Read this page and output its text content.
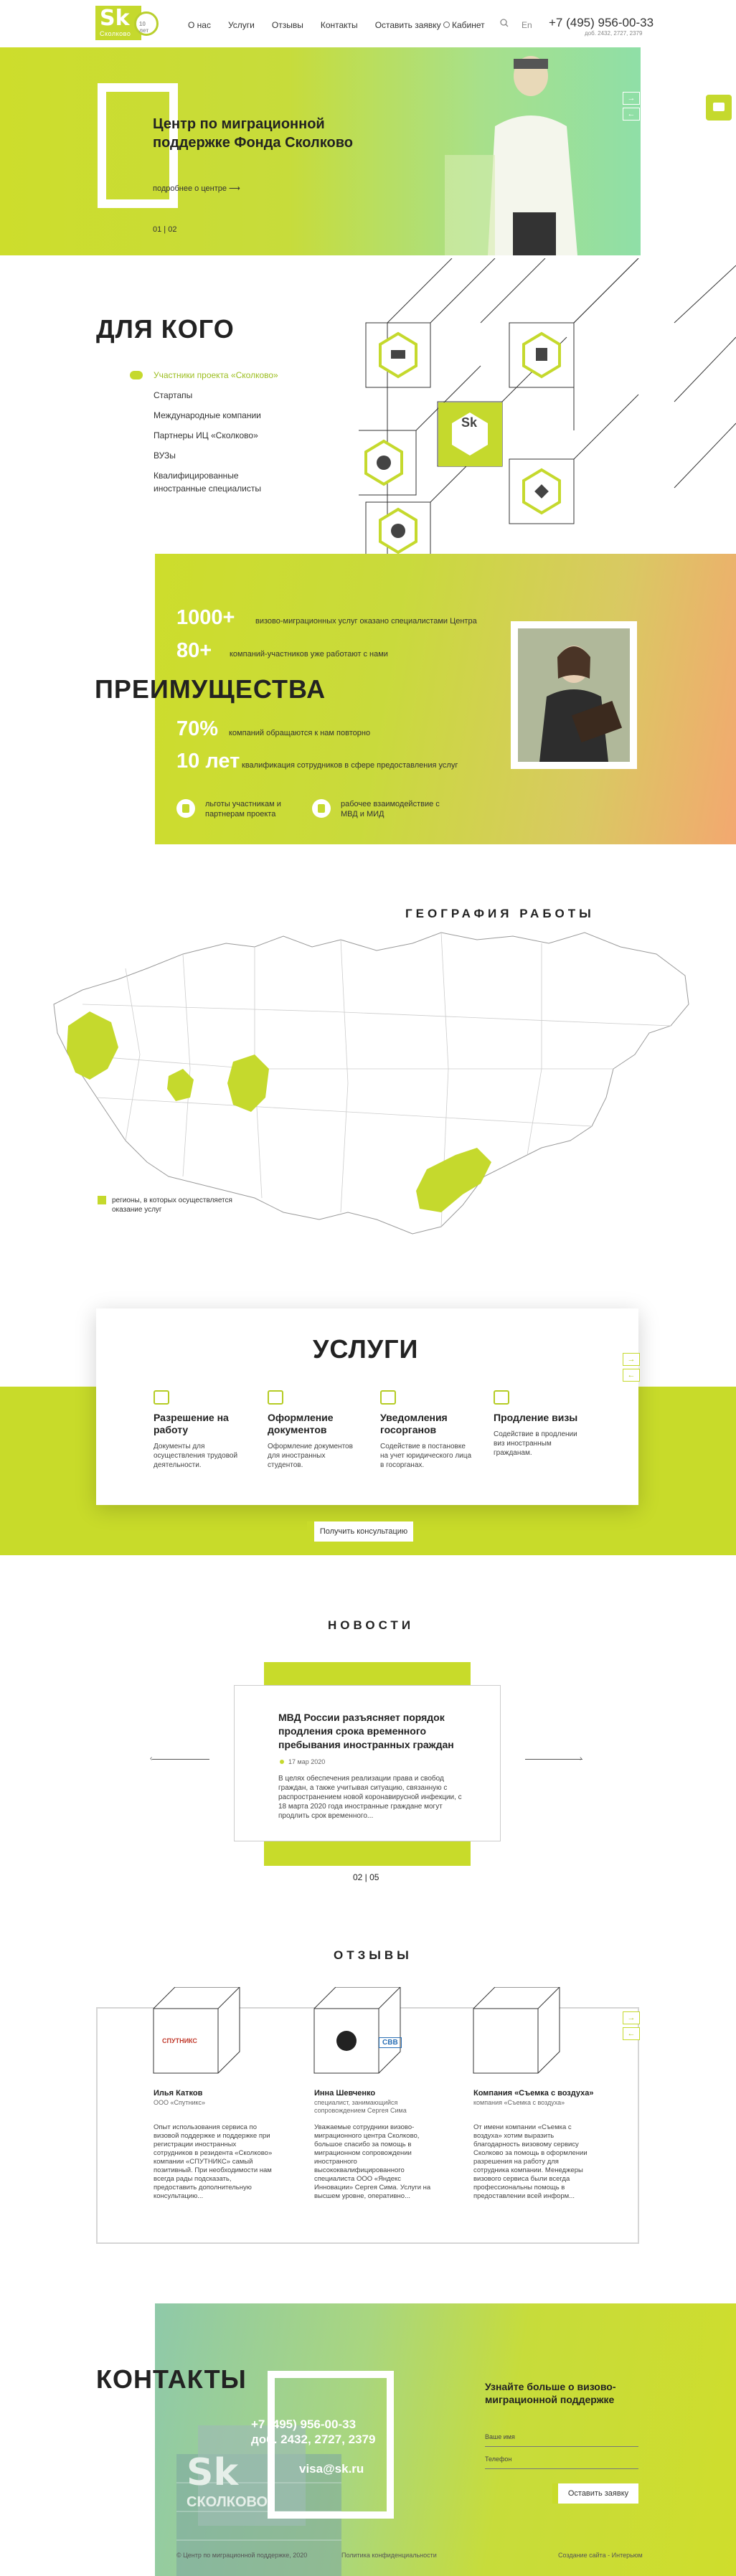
Sk
Сколково
10 лет
О нас Услуги Отзывы Контакты Оставить заявку	Кабинет	En +7 (495) 956-00-33
доб. 2432, 2727, 2379
Центр по миграционной поддержке Фонда Сколково
подробнее о центре ⟶
01 | 02
→
←
ДЛЯ КОГО
Участники проекта «Сколково»
Стартапы
Международные компании
Партнеры ИЦ «Сколково»
ВУЗы
Квалифицированные иностранные специалисты
Sk
1000+	визово-миграционных услуг оказано специалистами Центра
80+ компаний-участников уже работают с нами
ПРЕИМУЩЕСТВА
70% компаний обращаются к нам повторно
10 лет квалификация сотрудников в сфере предоставления услуг
льготы участникам и партнерам проекта
рабочее взаимодействие с МВД и МИД
ГЕОГРАФИЯ РАБОТЫ
регионы, в которых осуществляется оказание услуг
УСЛУГИ	→
←
Разрешение на работу
Документы для осуществления трудовой деятельности.
Оформление документов
Оформление документов для иностранных студентов.
Уведомления госорганов
Содействие в постановке на учет юридического лица в госорганах.
Продление визы
Содействие в продлении виз иностранным гражданам.
Получить консультацию
НОВОСТИ
МВД России разъясняет порядок продления срока временного пребывания иностранных граждан
17 мар 2020
В целях обеспечения реализации права и свобод граждан, а также учитывая ситуацию, связанную с распространением новой коронавирусной инфекции, с 18 марта 2020 года иностранные граждане могут продлить срок временного...
‹	›
02 | 05
ОТЗЫВЫ
→
←
СПУТНИКС	СВВ
Илья Катков
ООО «Спутникс»
Опыт использования сервиса по визовой поддержке и поддержке при регистрации иностранных сотрудников в резидента «Сколково» компании «СПУТНИКС» самый позитивный. При необходимости нам всегда рады подсказать, предоставить дополнительную консультацию...
Инна Шевченко
специалист, занимающийся сопровождением Сергея Сима
Уважаемые сотрудники визово-миграционного центра Сколково, большое спасибо за помощь в миграционном сопровождении иностранного высококвалифицированного специалиста ООО «Яндекс Инновации» Сергея Сима. Услуги на высшем уровне, оперативно...
Компания «Съемка с воздуха»
компания «Съемка с воздуха»
От имени компании «Съемка с воздуха» хотим выразить благодарность визовому сервису Сколково за помощь в оформлении разрешения на работу для сотрудника компании. Менеджеры визового сервиса были всегда профессиональны помощь в предоставлении всей информ...
Sk
СКОЛКОВО
КОНТАКТЫ
+7 (495) 956-00-33
доб. 2432, 2727, 2379
visa@sk.ru
Узнайте больше о визово-миграционной поддержке
Ваше имя
Телефон
Оставить заявку
© Центр по миграционной поддержке, 2020	Политика конфиденциальности	Создание сайта - Интерьюм
